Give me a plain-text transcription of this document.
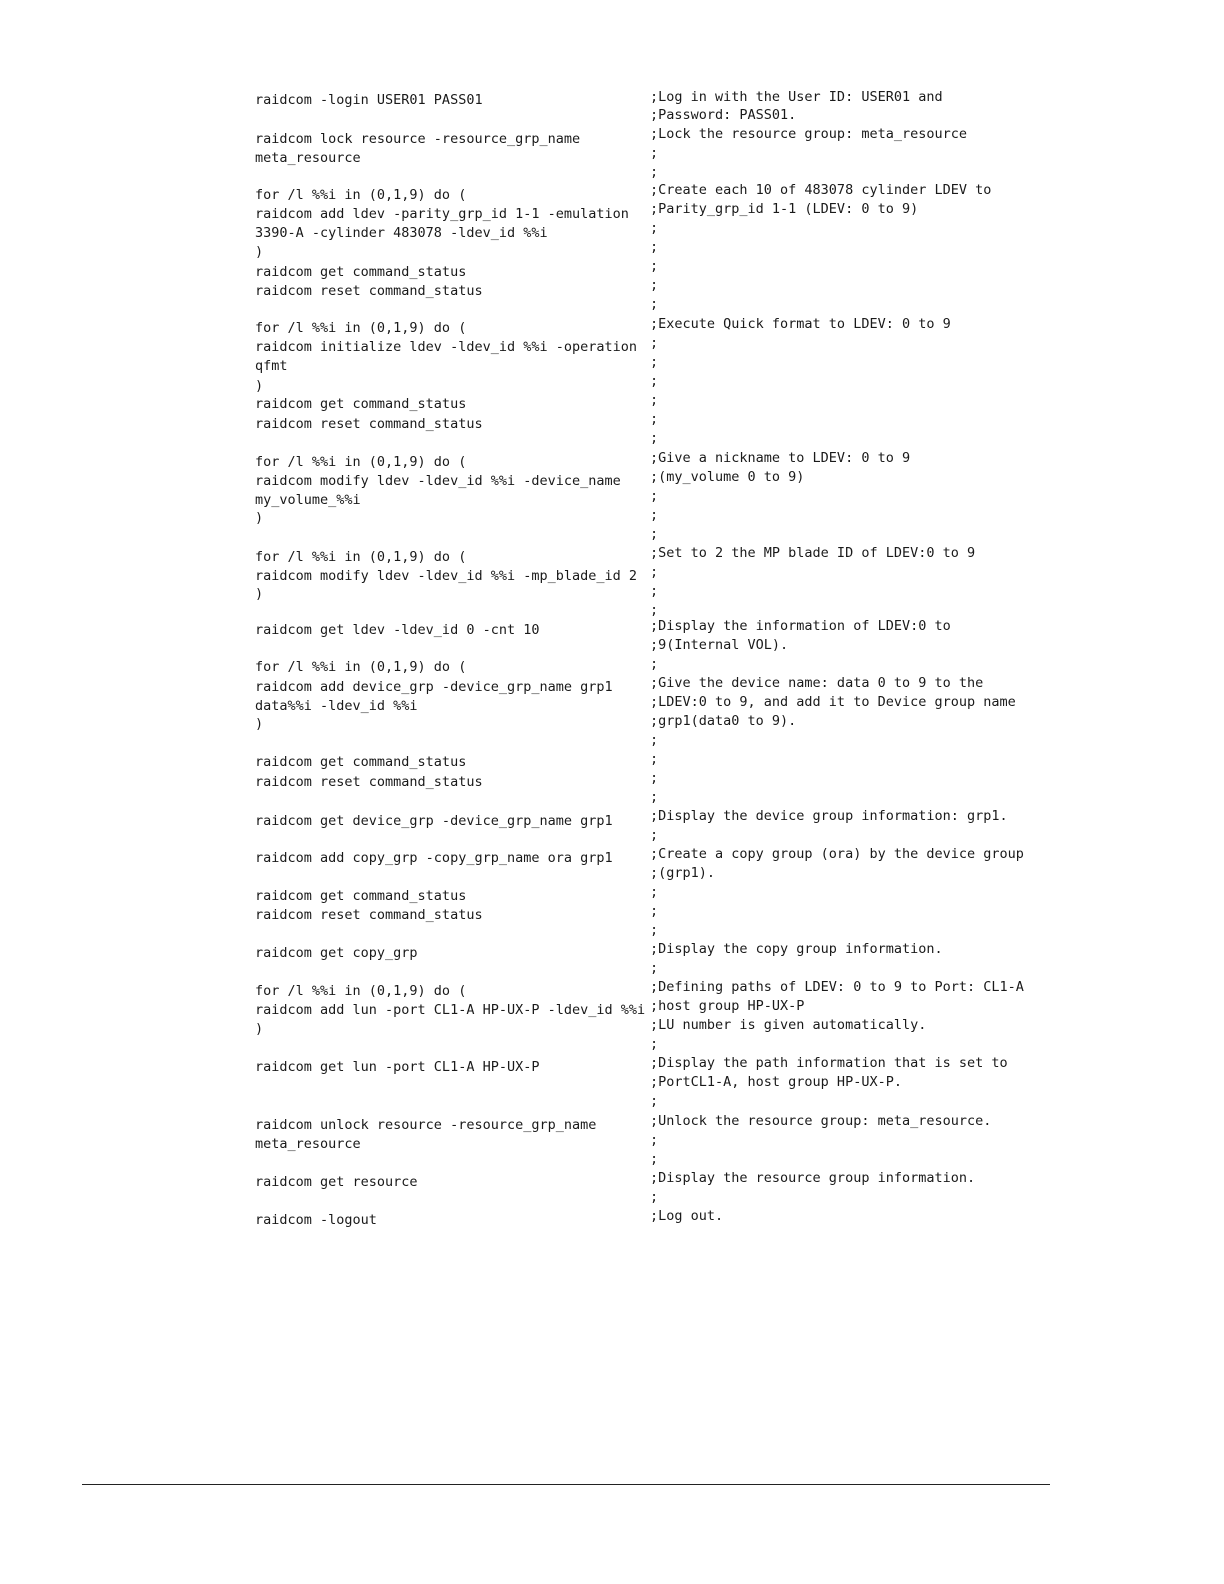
raidcom -login USER01 PASS01
raidcom lock resource -resource_grp_name
meta_resource
for /l %%i in (0,1,9) do (
raidcom add ldev -parity_grp_id 1-1 -emulation
3390-A -cylinder 483078 -ldev_id %%i
)
raidcom get command_status
raidcom reset command_status
for /l %%i in (0,1,9) do (
raidcom initialize ldev -ldev_id %%i -operation
qfmt
)
raidcom get command_status
raidcom reset command_status
for /l %%i in (0,1,9) do (
raidcom modify ldev -ldev_id %%i -device_name
my_volume_%%i
)
for /l %%i in (0,1,9) do (
raidcom modify ldev -ldev_id %%i -mp_blade_id 2
)
raidcom get ldev -ldev_id 0 -cnt 10
for /l %%i in (0,1,9) do (
raidcom add device_grp -device_grp_name grp1
data%%i -ldev_id %%i
)
raidcom get command_status
raidcom reset command_status
raidcom get device_grp -device_grp_name grp1
raidcom add copy_grp -copy_grp_name ora grp1
raidcom get command_status
raidcom reset command_status
raidcom get copy_grp
for /l %%i in (0,1,9) do (
raidcom add lun -port CL1-A HP-UX-P -ldev_id %%i
)
raidcom get lun -port CL1-A HP-UX-P
raidcom unlock resource -resource_grp_name
meta_resource
raidcom get resource
raidcom -logout
;Log in with the User ID: USER01 and
;Password: PASS01.
;Lock the resource group: meta_resource
;
;
;Create each 10 of 483078 cylinder LDEV to
;Parity_grp_id 1-1 (LDEV: 0 to 9)
;
;
;
;
;
;Execute Quick format to LDEV: 0 to 9
;
;
;
;
;
;
;Give a nickname to LDEV: 0 to 9
;(my_volume 0 to 9)
;
;
;
;Set to 2 the MP blade ID of LDEV:0 to 9
;
;
;
;Display the information of LDEV:0 to
;9(Internal VOL).
;
;Give the device name: data 0 to 9 to the
;LDEV:0 to 9, and add it to Device group name
;grp1(data0 to 9).
;
;
;
;
;Display the device group information: grp1.
;
;Create a copy group (ora) by the device group
;(grp1).
;
;
;
;Display the copy group information.
;
;Defining paths of LDEV: 0 to 9 to Port: CL1-A
;host group HP-UX-P
;LU number is given automatically.
;
;Display the path information that is set to
;PortCL1-A, host group HP-UX-P.
;
;Unlock the resource group: meta_resource.
;
;
;Display the resource group information.
;
;Log out.
